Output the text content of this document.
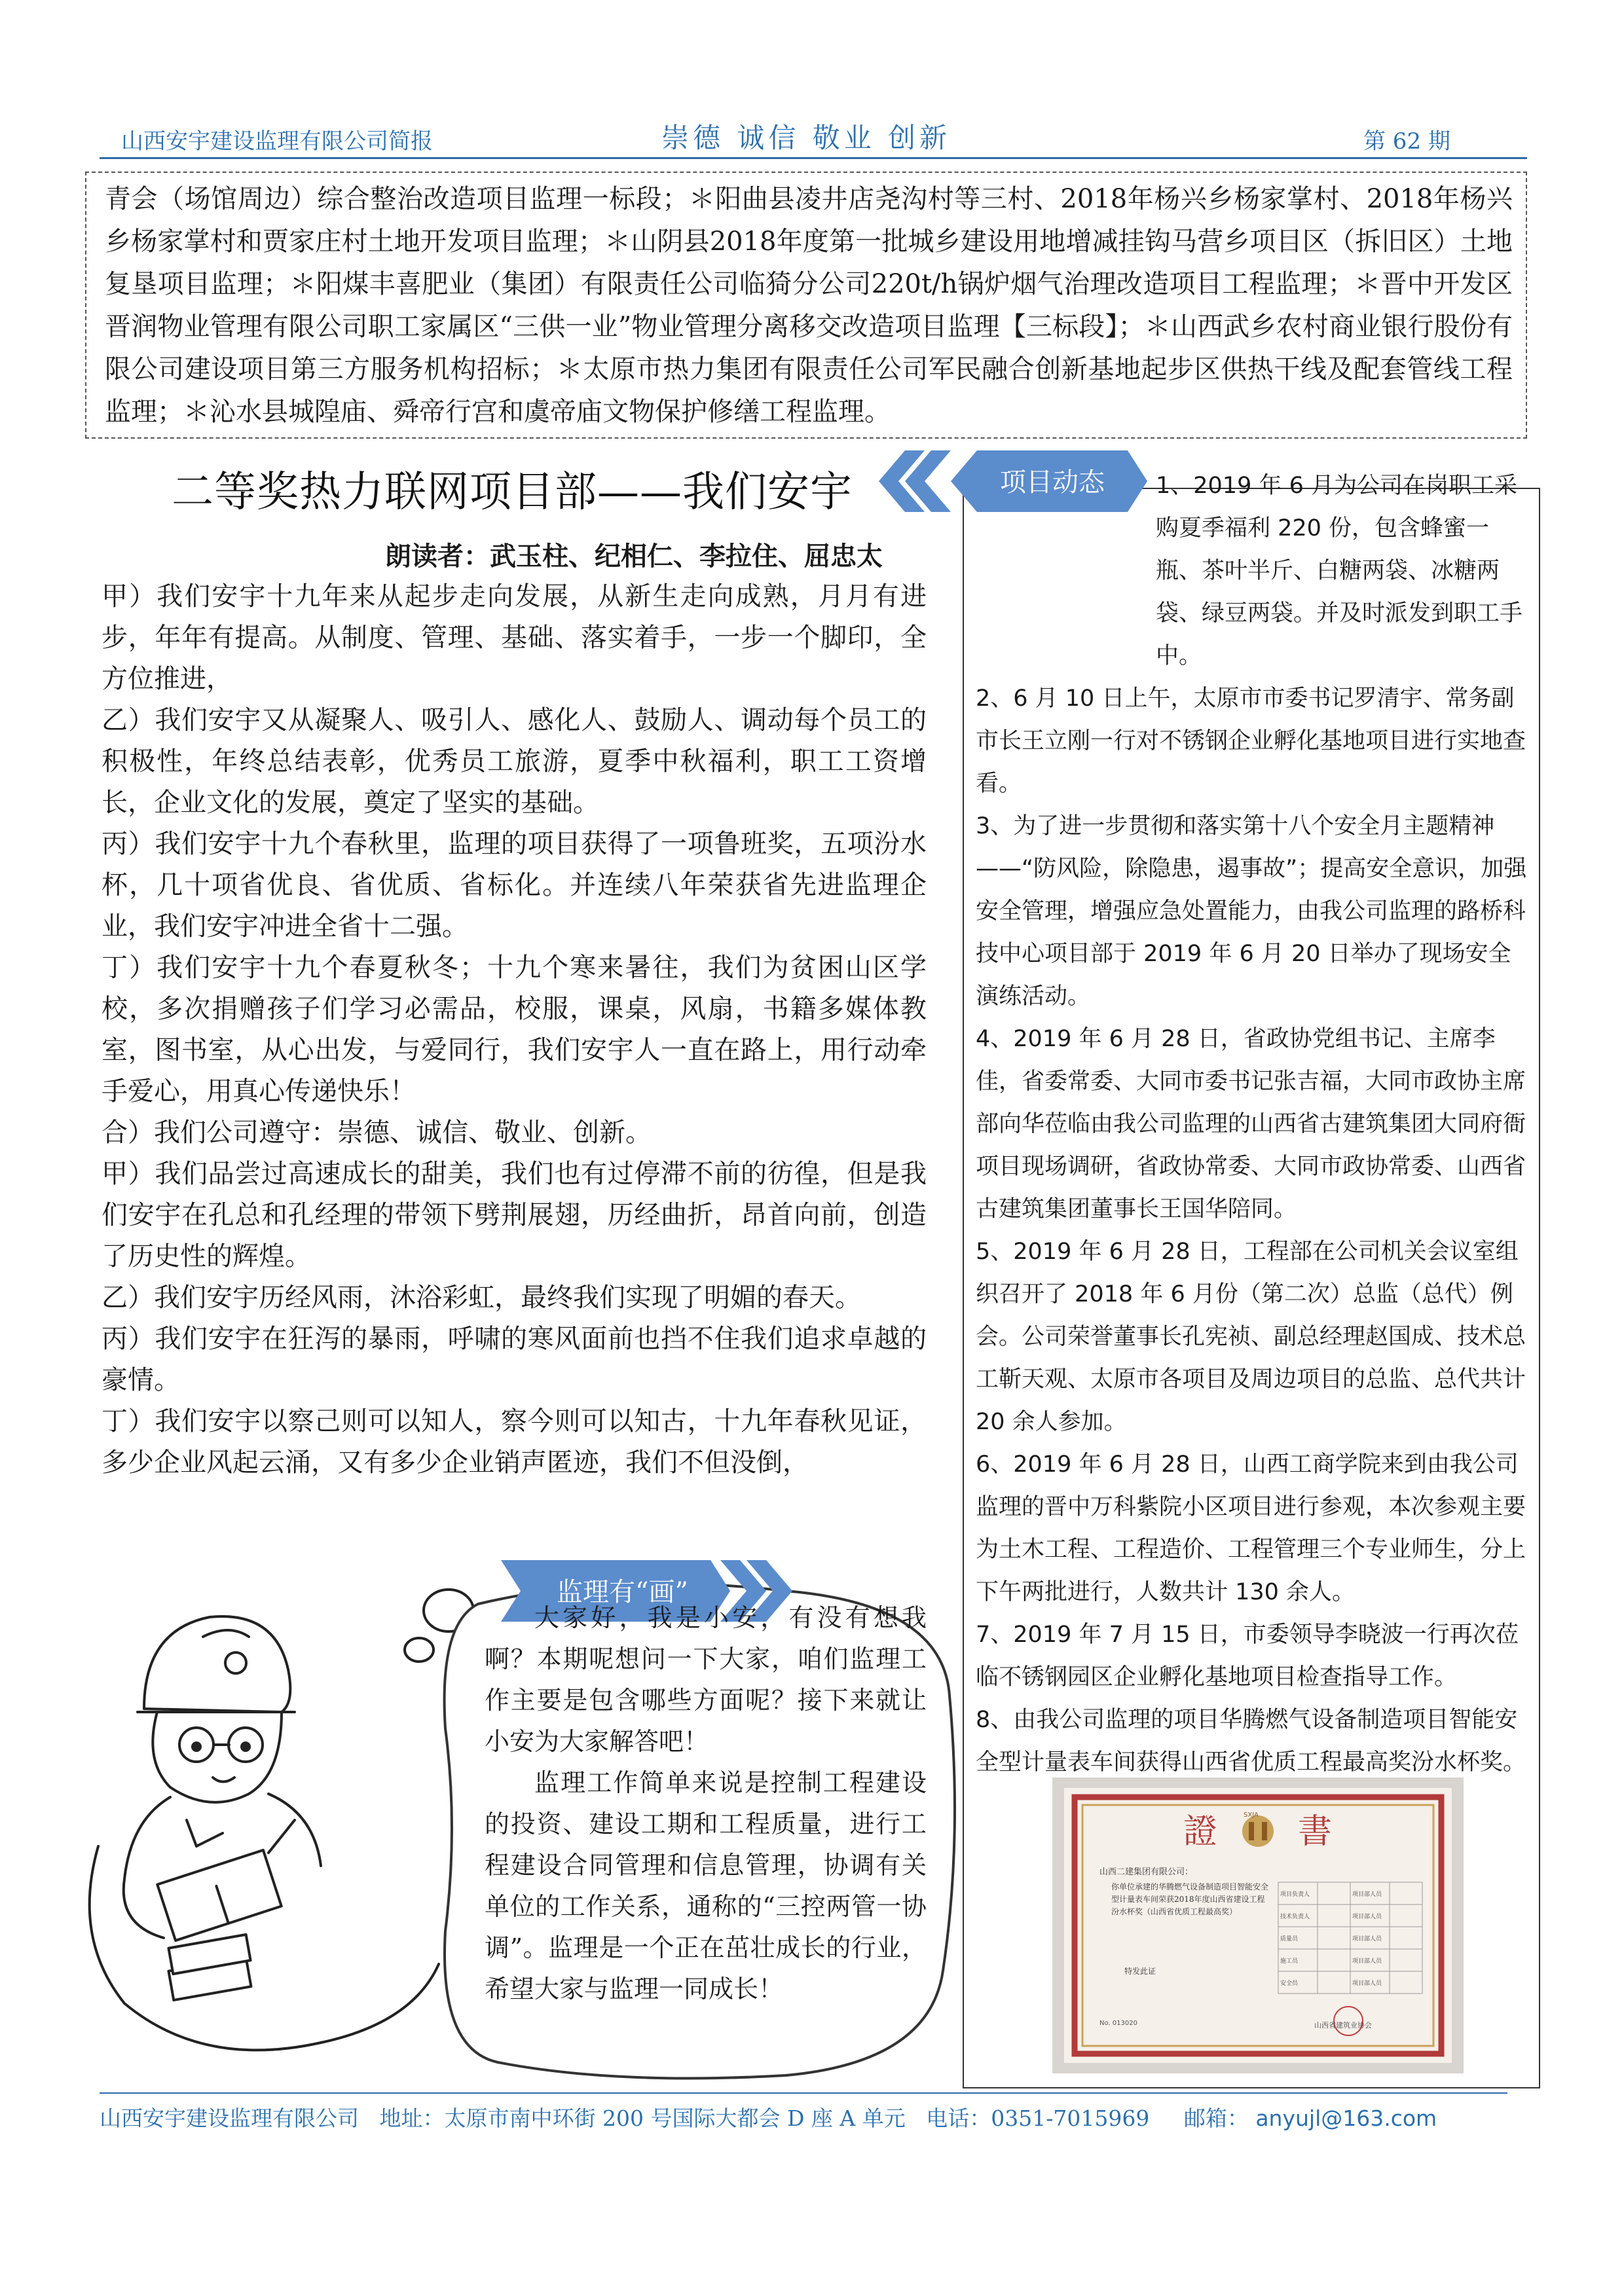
山西安宇建设监理有限公司简报	崇德 诚信 敬业 创新	第 62 期
青会（场馆周边）综合整治改造项目监理一标段；＊阳曲县凌井店尧沟村等三村、2018年杨兴乡杨家掌村、2018年杨兴乡杨家掌村和贾家庄村土地开发项目监理；＊山阴县2018年度第一批城乡建设用地增减挂钩马营乡项目区（拆旧区）土地复垦项目监理；＊阳煤丰喜肥业（集团）有限责任公司临猗分公司220t/h锅炉烟气治理改造项目工程监理；＊晋中开发区晋润物业管理有限公司职工家属区“三供一业”物业管理分离移交改造项目监理【三标段】；＊山西武乡农村商业银行股份有限公司建设项目第三方服务机构招标；＊太原市热力集团有限责任公司军民融合创新基地起步区供热干线及配套管线工程监理；＊沁水县城隍庙、舜帝行宫和虞帝庙文物保护修缮工程监理。
二等奖热力联网项目部——我们安宇
朗读者：武玉柱、纪相仁、李拉住、屈忠太

甲）我们安宇十九年来从起步走向发展，从新生走向成熟，月月有进步，年年有提高。从制度、管理、基础、落实着手，一步一个脚印，全方位推进，

乙）我们安宇又从凝聚人、吸引人、感化人、鼓励人、调动每个员工的积极性，年终总结表彰，优秀员工旅游，夏季中秋福利，职工工资增长，企业文化的发展，奠定了坚实的基础。

丙）我们安宇十九个春秋里，监理的项目获得了一项鲁班奖，五项汾水杯，几十项省优良、省优质、省标化。并连续八年荣获省先进监理企业，我们安宇冲进全省十二强。

丁）我们安宇十九个春夏秋冬；十九个寒来暑往，我们为贫困山区学校，多次捐赠孩子们学习必需品，校服，课桌，风扇，书籍多媒体教室，图书室，从心出发，与爱同行，我们安宇人一直在路上，用行动牵手爱心，用真心传递快乐！

合）我们公司遵守：崇德、诚信、敬业、创新。

甲）我们品尝过高速成长的甜美，我们也有过停滞不前的彷徨，但是我们安宇在孔总和孔经理的带领下劈荆展翅，历经曲折，昂首向前，创造了历史性的辉煌。

乙）我们安宇历经风雨，沐浴彩虹，最终我们实现了明媚的春天。

丙）我们安宇在狂泻的暴雨，呼啸的寒风面前也挡不住我们追求卓越的豪情。

丁）我们安宇以察己则可以知人，察今则可以知古，十九年春秋见证，多少企业风起云涌，又有多少企业销声匿迹，我们不但没倒，

项目动态	1、2019 年 6 月为公司在岗职工采购夏季福利 220 份，包含蜂蜜一瓶、茶叶半斤、白糖两袋、冰糖两袋、绿豆两袋。并及时派发到职工手中。

2、6 月 10 日上午，太原市市委书记罗清宇、常务副市长王立刚一行对不锈钢企业孵化基地项目进行实地查看。

3、为了进一步贯彻和落实第十八个安全月主题精神——“防风险，除隐患，遏事故”；提高安全意识，加强安全管理，增强应急处置能力，由我公司监理的路桥科技中心项目部于 2019 年 6 月 20 日举办了现场安全演练活动。

4、2019 年 6 月 28 日，省政协党组书记、主席李佳，省委常委、大同市委书记张吉福，大同市政协主席部向华莅临由我公司监理的山西省古建筑集团大同府衙项目现场调研，省政协常委、大同市政协常委、山西省古建筑集团董事长王国华陪同。

5、2019 年 6 月 28 日，工程部在公司机关会议室组织召开了 2018 年 6 月份（第二次）总监（总代）例会。公司荣誉董事长孔宪祯、副总经理赵国成、技术总工靳天观、太原市各项目及周边项目的总监、总代共计 20 余人参加。

6、2019 年 6 月 28 日，山西工商学院来到由我公司监理的晋中万科紫院小区项目进行参观，本次参观主要为土木工程、工程造价、工程管理三个专业师生，分上下午两批进行，人数共计 130 余人。

7、2019 年 7 月 15 日，市委领导李晓波一行再次莅临不锈钢园区企业孵化基地项目检查指导工作。

8、由我公司监理的项目华腾燃气设备制造项目智能安全型计量表车间获得山西省优质工程最高奖汾水杯奖。

證 書
SXJA
山西二建集团有限公司：
你单位承建的华腾燃气设备制造项目智能安全型计量表车间荣获2018年度山西省建设工程汾水杯奖（山西省优质工程最高奖）
特发此证
No. 013020	山西省建筑业协会
项目负责人	项目部人员
技术负责人	项目部人员
质量员	项目部人员
施工员	项目部人员
安全员	项目部人员
监理有“画”

大家好，我是小安，有没有想我啊？本期呢想问一下大家，咱们监理工作主要是包含哪些方面呢？接下来就让小安为大家解答吧！

监理工作简单来说是控制工程建设的投资、建设工期和工程质量，进行工程建设合同管理和信息管理，协调有关单位的工作关系，通称的“三控两管一协调”。监理是一个正在茁壮成长的行业，希望大家与监理一同成长！

山西安宇建设监理有限公司 地址：太原市南中环街 200 号国际大都会 D 座 A 单元 电话：0351-7015969 邮箱： anyujl@163.com
